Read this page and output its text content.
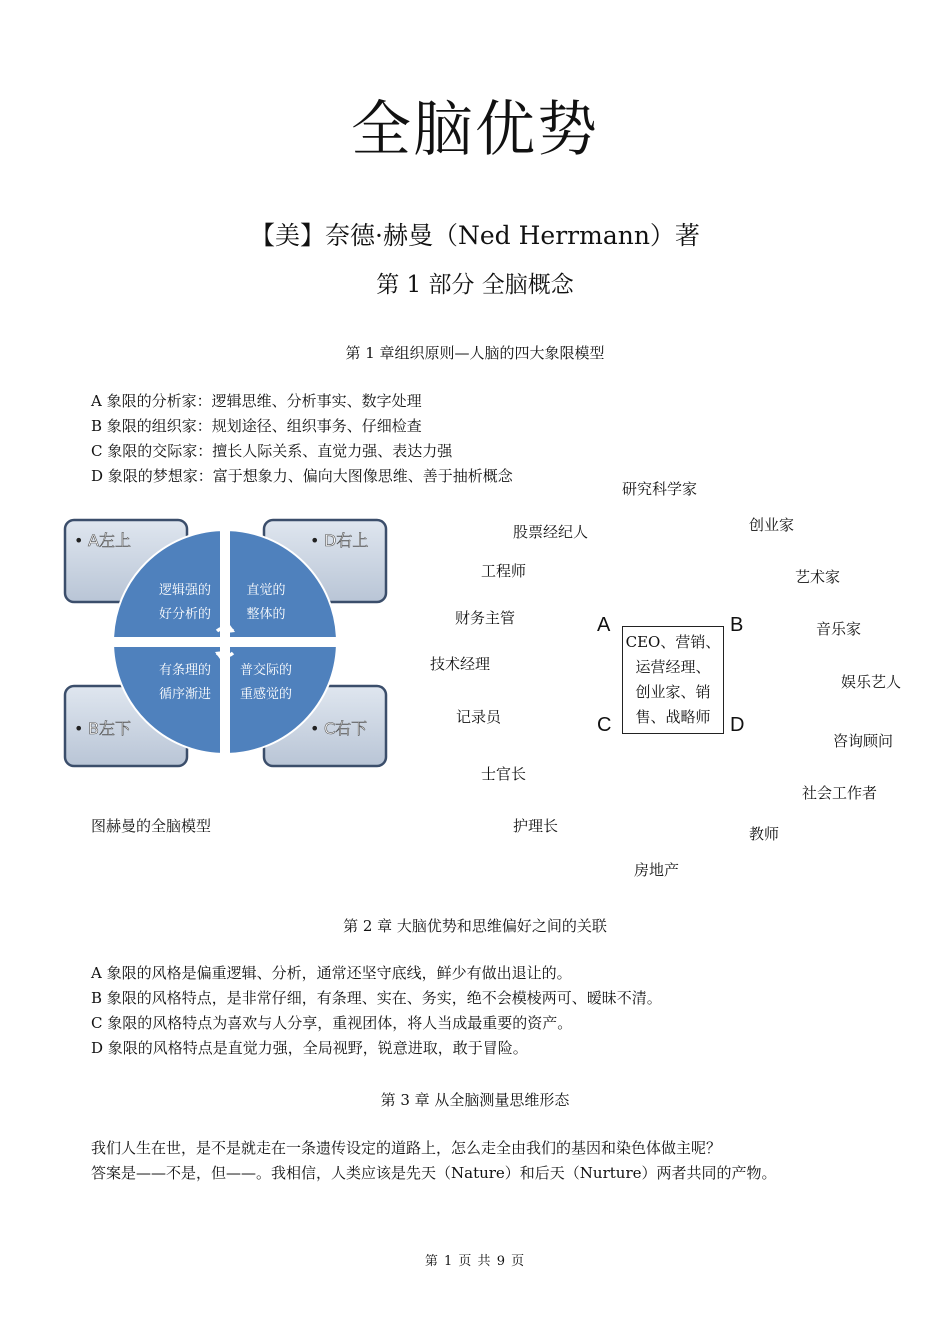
全脑优势
【美】奈德·赫曼（Ned Herrmann）著
第 1 部分 全脑概念
第 1 章组织原则—人脑的四大象限模型
A 象限的分析家：逻辑思维、分析事实、数字处理
B 象限的组织家：规划途径、组织事务、仔细检查
C 象限的交际家：擅长人际关系、直觉力强、表达力强
D 象限的梦想家：富于想象力、偏向大图像思维、善于抽析概念
• A左上	• D右上
• B左下	• C右下
逻辑强的
好分析的
直觉的
整体的
有条理的
循序渐进
普交际的
重感觉的
图赫曼的全脑模型
股票经纪人
工程师
财务主管
技术经理
记录员
士官长
护理长
研究科学家
创业家
艺术家
音乐家
娱乐艺人
咨询顾问
社会工作者
教师
房地产
A	B
C	D
CEO、营销、
运营经理、
创业家、销
售、战略师
第 2 章 大脑优势和思维偏好之间的关联
A 象限的风格是偏重逻辑、分析，通常还坚守底线，鲜少有做出退让的。
B 象限的风格特点，是非常仔细，有条理、实在、务实，绝不会模棱两可、暧昧不清。
C 象限的风格特点为喜欢与人分享，重视团体，将人当成最重要的资产。
D 象限的风格特点是直觉力强，全局视野，锐意进取，敢于冒险。
第 3 章 从全脑测量思维形态
我们人生在世，是不是就走在一条遗传设定的道路上，怎么走全由我们的基因和染色体做主呢？
答案是——不是，但——。我相信，人类应该是先天（Nature）和后天（Nurture）两者共同的产物。
第 1 页 共 9 页
